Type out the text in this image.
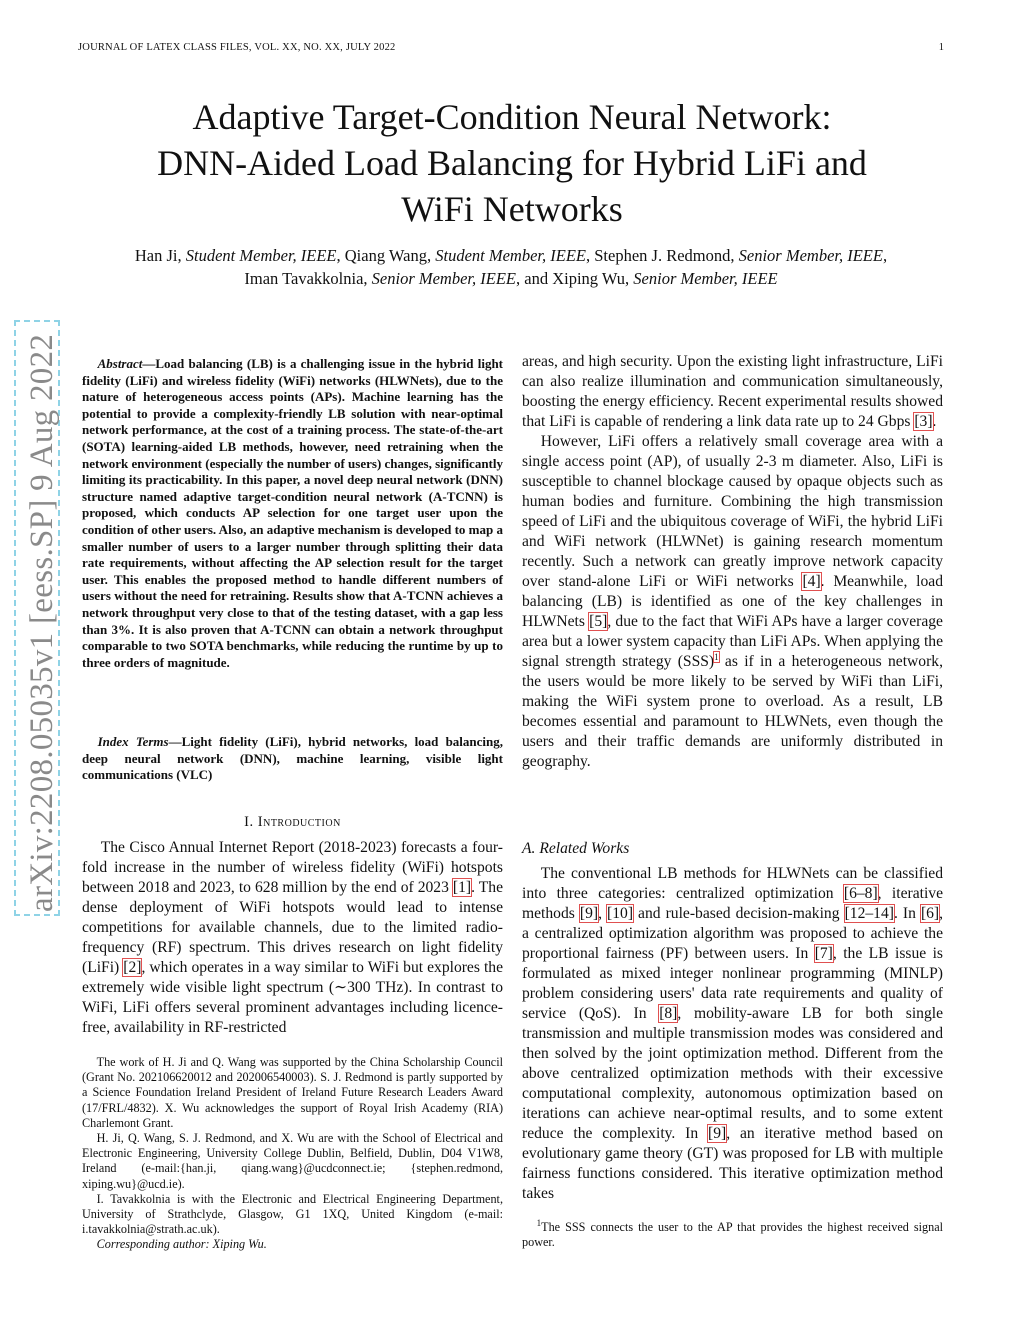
JOURNAL OF LATEX CLASS FILES, VOL. XX, NO. XX, JULY 2022	1
Adaptive Target-Condition Neural Network:
DNN-Aided Load Balancing for Hybrid LiFi and
WiFi Networks
Han Ji, Student Member, IEEE, Qiang Wang, Student Member, IEEE, Stephen J. Redmond, Senior Member, IEEE,
Iman Tavakkolnia, Senior Member, IEEE, and Xiping Wu, Senior Member, IEEE
arXiv:2208.05035v1 [eess.SP] 9 Aug 2022	Abstract—Load balancing (LB) is a challenging issue in the hybrid light fidelity (LiFi) and wireless fidelity (WiFi) networks (HLWNets), due to the nature of heterogeneous access points (APs). Machine learning has the potential to provide a complexity-friendly LB solution with near-optimal network performance, at the cost of a training process. The state-of-the-art (SOTA) learning-aided LB methods, however, need retraining when the network environment (especially the number of users) changes, significantly limiting its practicability. In this paper, a novel deep neural network (DNN) structure named adaptive target-condition neural network (A-TCNN) is proposed, which conducts AP selection for one target user upon the condition of other users. Also, an adaptive mechanism is developed to map a smaller number of users to a larger number through splitting their data rate requirements, without affecting the AP selection result for the target user. This enables the proposed method to handle different numbers of users without the need for retraining. Results show that A-TCNN achieves a network throughput very close to that of the testing dataset, with a gap less than 3%. It is also proven that A-TCNN can obtain a network throughput comparable to two SOTA benchmarks, while reducing the runtime by up to three orders of magnitude.
Index Terms—Light fidelity (LiFi), hybrid networks, load balancing, deep neural network (DNN), machine learning, visible light communications (VLC)
I. Introduction

The Cisco Annual Internet Report (2018-2023) forecasts a four-fold increase in the number of wireless fidelity (WiFi) hotspots between 2018 and 2023, to 628 million by the end of 2023 [1]. The dense deployment of WiFi hotspots would lead to intense competitions for available channels, due to the limited radio-frequency (RF) spectrum. This drives research on light fidelity (LiFi) [2], which operates in a way similar to WiFi but explores the extremely wide visible light spectrum (∼300 THz). In contrast to WiFi, LiFi offers several prominent advantages including licence-free, availability in RF-restricted

The work of H. Ji and Q. Wang was supported by the China Scholarship Council (Grant No. 202106620012 and 202006540003). S. J. Redmond is partly supported by a Science Foundation Ireland President of Ireland Future Research Leaders Award (17/FRL/4832). X. Wu acknowledges the support of Royal Irish Academy (RIA) Charlemont Grant.

H. Ji, Q. Wang, S. J. Redmond, and X. Wu are with the School of Electrical and Electronic Engineering, University College Dublin, Belfield, Dublin, D04 V1W8, Ireland (e-mail:{han.ji, qiang.wang}@ucdconnect.ie; {stephen.redmond, xiping.wu}@ucd.ie).

I. Tavakkolnia is with the Electronic and Electrical Engineering Department, University of Strathclyde, Glasgow, G1 1XQ, United Kingdom (e-mail: i.tavakkolnia@strath.ac.uk).

Corresponding author: Xiping Wu.

areas, and high security. Upon the existing light infrastructure, LiFi can also realize illumination and communication simultaneously, boosting the energy efficiency. Recent experimental results showed that LiFi is capable of rendering a link data rate up to 24 Gbps [3].

However, LiFi offers a relatively small coverage area with a single access point (AP), of usually 2-3 m diameter. Also, LiFi is susceptible to channel blockage caused by opaque objects such as human bodies and furniture. Combining the high transmission speed of LiFi and the ubiquitous coverage of WiFi, the hybrid LiFi and WiFi network (HLWNet) is gaining research momentum recently. Such a network can greatly improve network capacity over stand-alone LiFi or WiFi networks [4]. Meanwhile, load balancing (LB) is identified as one of the key challenges in HLWNets [5], due to the fact that WiFi APs have a larger coverage area but a lower system capacity than LiFi APs. When applying the signal strength strategy (SSS)$^1$ as if in a heterogeneous network, the users would be more likely to be served by WiFi than LiFi, making the WiFi system prone to overload. As a result, LB becomes essential and paramount to HLWNets, even though the users and their traffic demands are uniformly distributed in geography.

A. Related Works

The conventional LB methods for HLWNets can be classified into three categories: centralized optimization [6–8], iterative methods [9], [10] and rule-based decision-making [12–14]. In [6], a centralized optimization algorithm was proposed to achieve the proportional fairness (PF) between users. In [7], the LB issue is formulated as mixed integer nonlinear programming (MINLP) problem considering users' data rate requirements and quality of service (QoS). In [8], mobility-aware LB for both single transmission and multiple transmission modes was considered and then solved by the joint optimization method. Different from the above centralized optimization methods with their excessive computational complexity, autonomous optimization based on iterations can achieve near-optimal results, and to some extent reduce the complexity. In [9], an iterative method based on evolutionary game theory (GT) was proposed for LB with multiple fairness functions considered. This iterative optimization method takes

$^1$The SSS connects the user to the AP that provides the highest received signal power.
